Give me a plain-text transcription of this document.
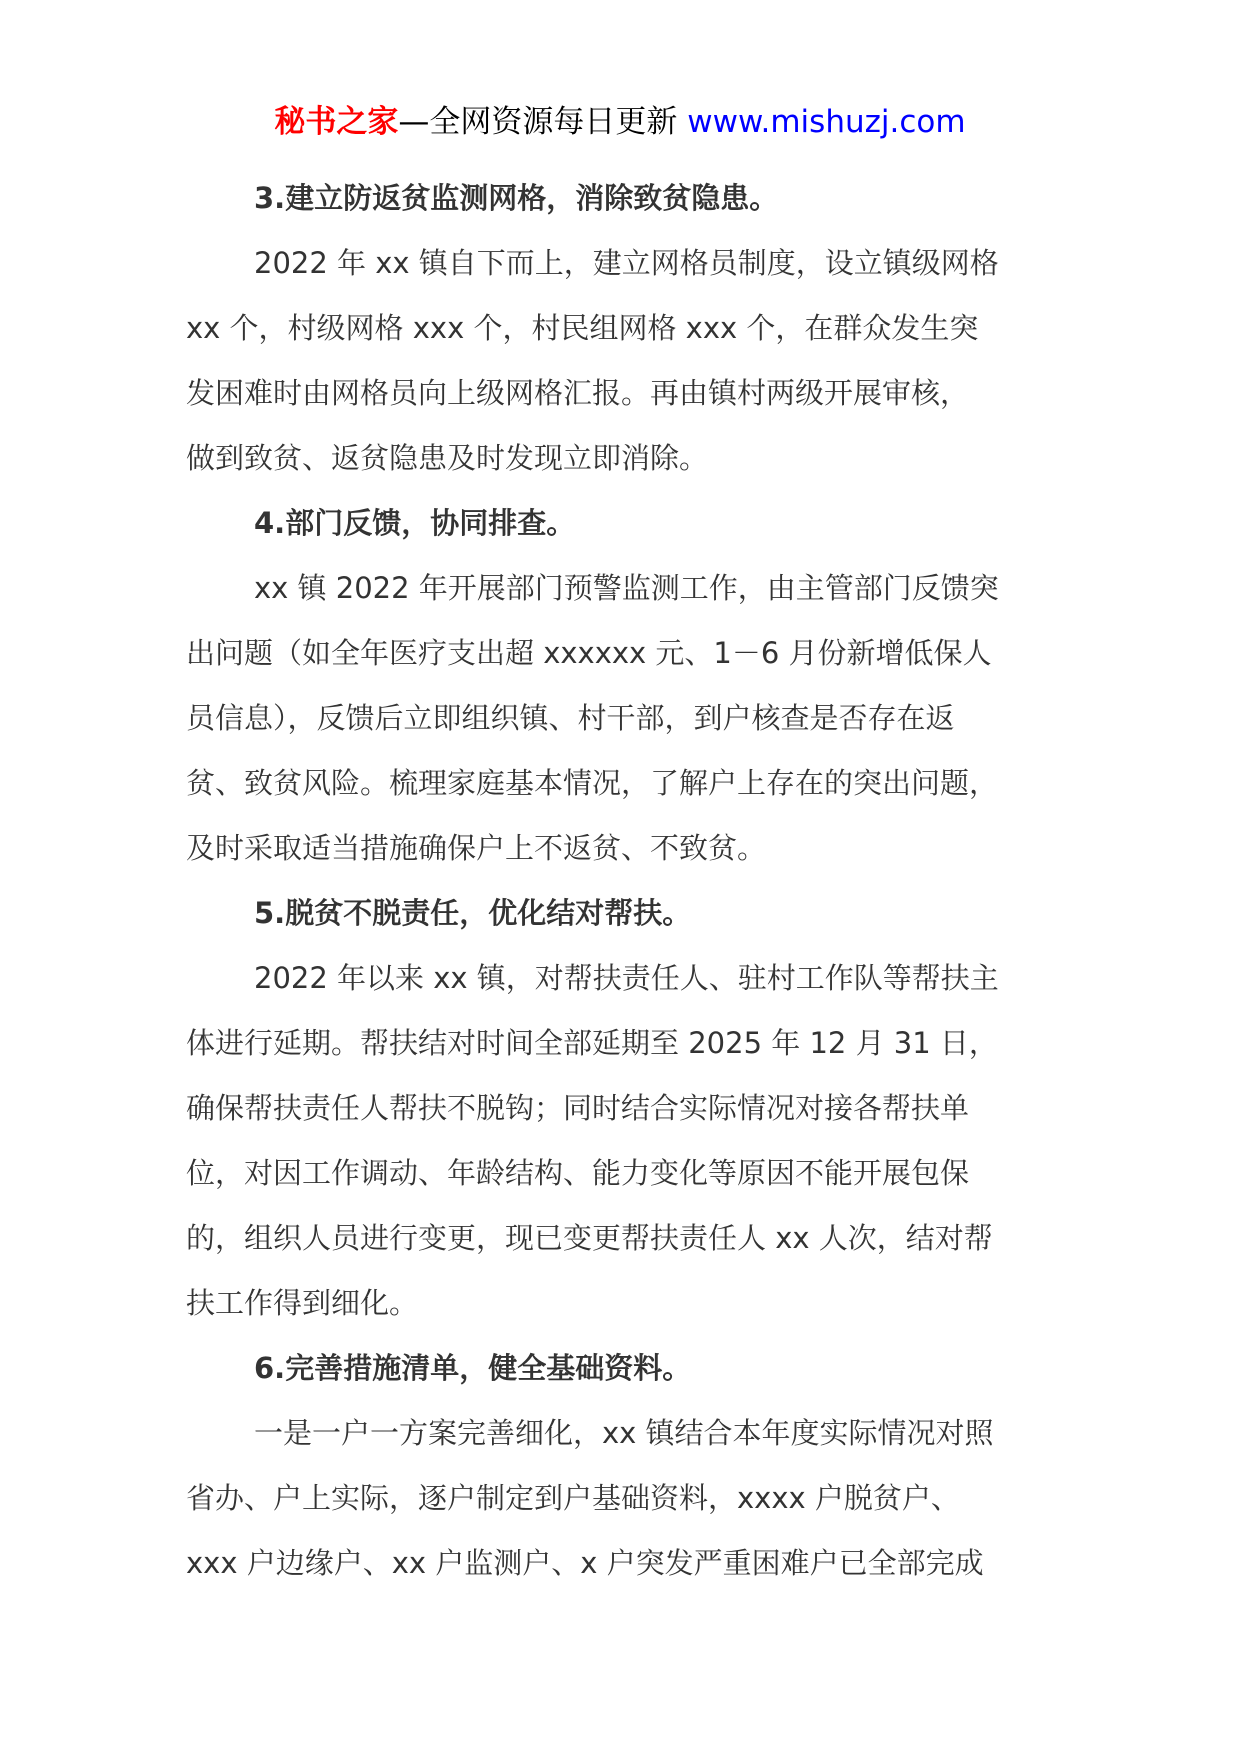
秘书之家—全网资源每日更新 www.mishuzj.com

3.建立防返贫监测网格，消除致贫隐患。

2022 年 xx 镇自下而上，建立网格员制度，设立镇级网格
xx 个，村级网格 xxx 个，村民组网格 xxx 个，在群众发生突
发困难时由网格员向上级网格汇报。再由镇村两级开展审核，
做到致贫、返贫隐患及时发现立即消除。

4.部门反馈，协同排查。

xx 镇 2022 年开展部门预警监测工作，由主管部门反馈突
出问题（如全年医疗支出超 xxxxxx 元、1－6 月份新增低保人
员信息），反馈后立即组织镇、村干部，到户核查是否存在返
贫、致贫风险。梳理家庭基本情况，了解户上存在的突出问题，
及时采取适当措施确保户上不返贫、不致贫。

5.脱贫不脱责任，优化结对帮扶。

2022 年以来 xx 镇，对帮扶责任人、驻村工作队等帮扶主
体进行延期。帮扶结对时间全部延期至 2025 年 12 月 31 日，
确保帮扶责任人帮扶不脱钩；同时结合实际情况对接各帮扶单
位，对因工作调动、年龄结构、能力变化等原因不能开展包保
的，组织人员进行变更，现已变更帮扶责任人 xx 人次，结对帮
扶工作得到细化。

6.完善措施清单，健全基础资料。

一是一户一方案完善细化，xx 镇结合本年度实际情况对照
省办、户上实际，逐户制定到户基础资料，xxxx 户脱贫户、
xxx 户边缘户、xx 户监测户、x 户突发严重困难户已全部完成
